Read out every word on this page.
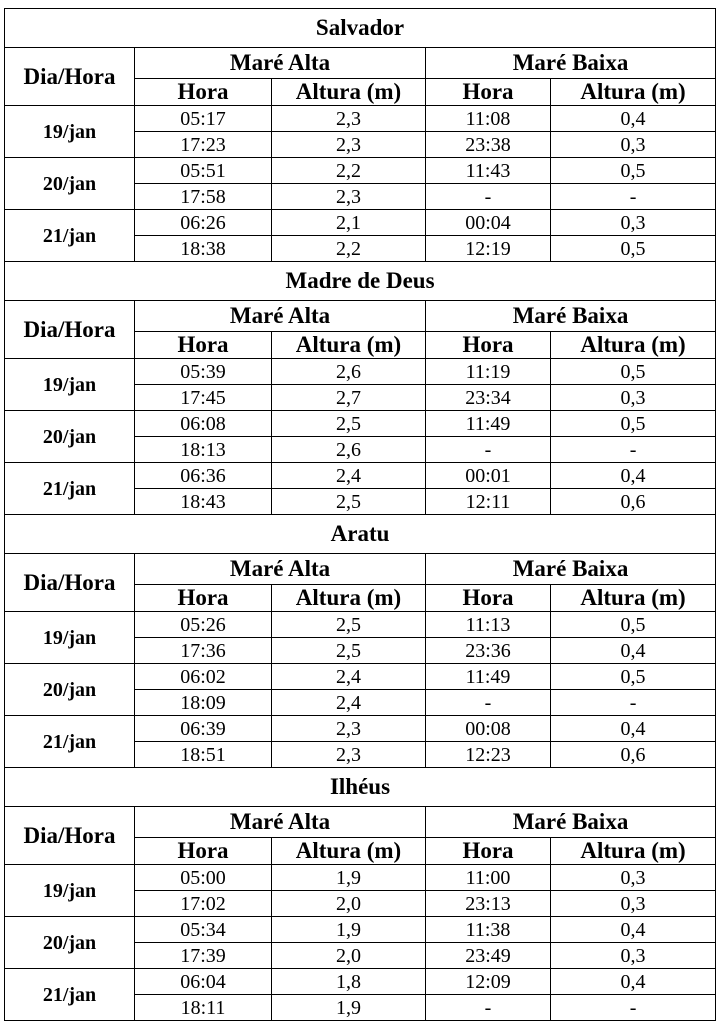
Salvador				
Dia/Hora	Maré Alta		Maré Baixa	
	Hora	Altura (m)	Hora	Altura (m)
19/jan	05:17	2,3	11:08	0,4
	17:23	2,3	23:38	0,3
20/jan	05:51	2,2	11:43	0,5
	17:58	2,3	-	-
21/jan	06:26	2,1	00:04	0,3
	18:38	2,2	12:19	0,5
Madre de Deus				
Dia/Hora	Maré Alta		Maré Baixa	
	Hora	Altura (m)	Hora	Altura (m)
19/jan	05:39	2,6	11:19	0,5
	17:45	2,7	23:34	0,3
20/jan	06:08	2,5	11:49	0,5
	18:13	2,6	-	-
21/jan	06:36	2,4	00:01	0,4
	18:43	2,5	12:11	0,6
Aratu				
Dia/Hora	Maré Alta		Maré Baixa	
	Hora	Altura (m)	Hora	Altura (m)
19/jan	05:26	2,5	11:13	0,5
	17:36	2,5	23:36	0,4
20/jan	06:02	2,4	11:49	0,5
	18:09	2,4	-	-
21/jan	06:39	2,3	00:08	0,4
	18:51	2,3	12:23	0,6
Ilhéus				
Dia/Hora	Maré Alta		Maré Baixa	
	Hora	Altura (m)	Hora	Altura (m)
19/jan	05:00	1,9	11:00	0,3
	17:02	2,0	23:13	0,3
20/jan	05:34	1,9	11:38	0,4
	17:39	2,0	23:49	0,3
21/jan	06:04	1,8	12:09	0,4
	18:11	1,9	-	-
